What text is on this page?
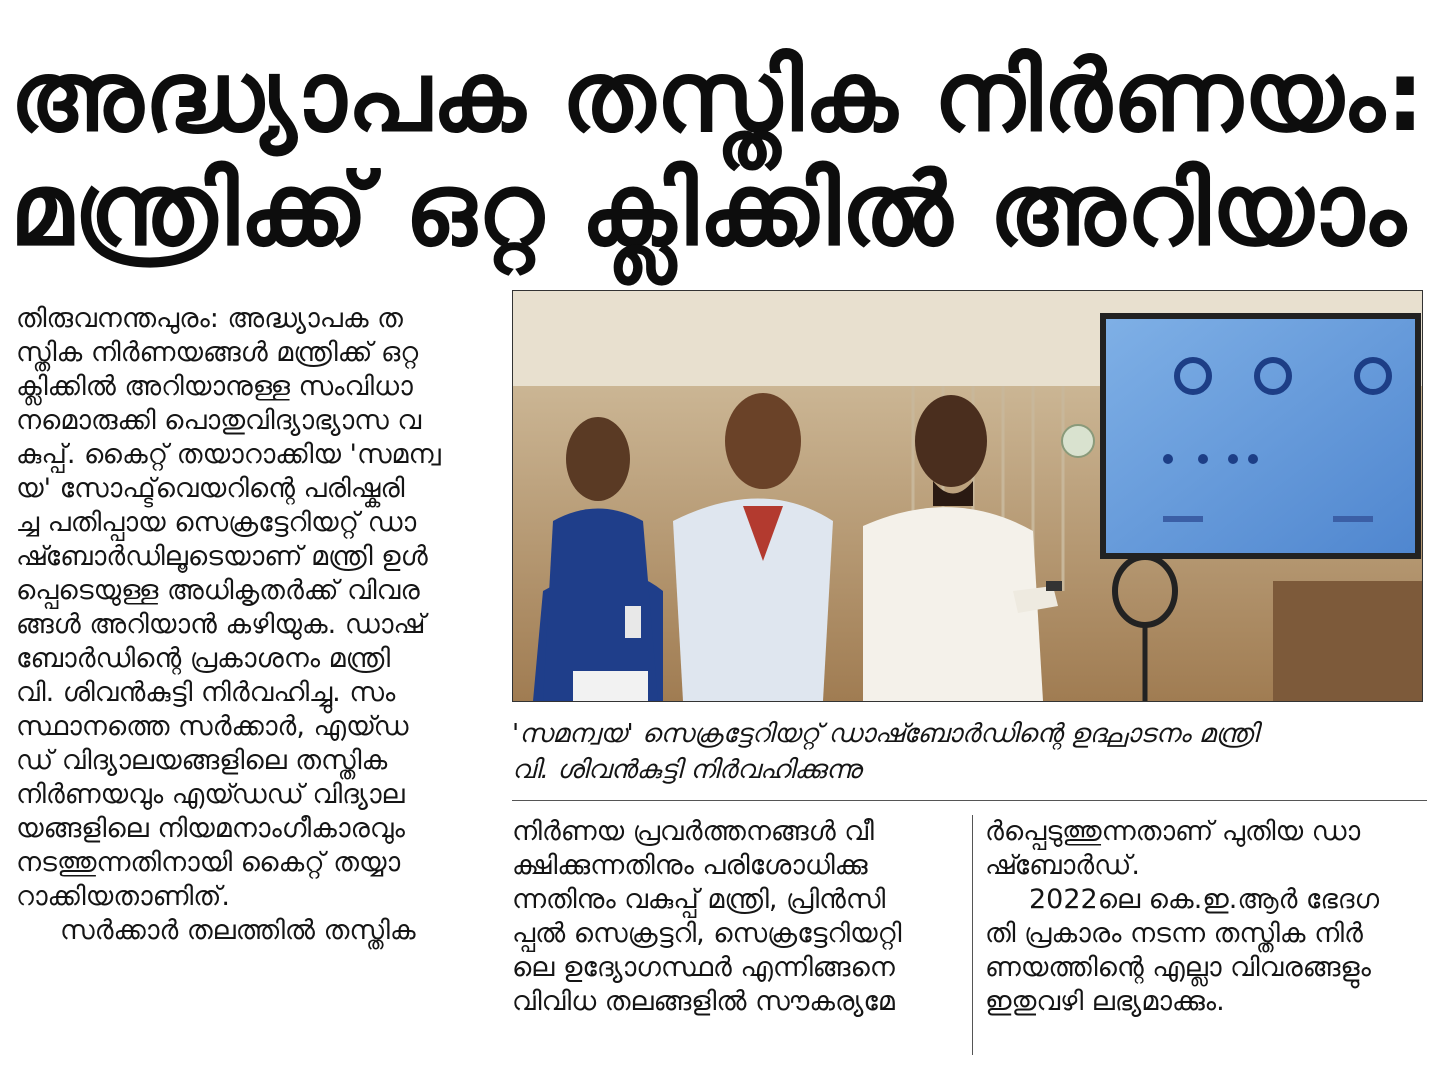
അദ്ധ്യാപക തസ്തിക നിർണയം:
മന്ത്രിക്ക് ഒറ്റ ക്ലിക്കിൽ അറിയാം

തിരുവനന്തപുരം: അദ്ധ്യാപക ത

സ്തിക നിർണയങ്ങൾ മന്ത്രിക്ക് ഒറ്റ

ക്ലിക്കിൽ അറിയാനുള്ള സംവിധാ

നമൊരുക്കി പൊതുവിദ്യാഭ്യാസ വ

കുപ്പ്. കൈറ്റ് തയാറാക്കിയ 'സമന്വ

യ' സോഫ്ട്‌വെയറിന്റെ പരിഷ്കരി

ച്ച പതിപ്പായ സെക്രട്ടേറിയറ്റ് ഡാ

ഷ്ബോർഡിലൂടെയാണ് മന്ത്രി ഉൾ

പ്പെടെയുള്ള അധികൃതർക്ക് വിവര

ങ്ങൾ അറിയാൻ കഴിയുക. ഡാഷ്

ബോർഡിന്റെ പ്രകാശനം മന്ത്രി

വി. ശിവൻകുട്ടി നിർവഹിച്ചു. സം

സ്ഥാനത്തെ സർക്കാർ, എയ്ഡ

ഡ് വിദ്യാലയങ്ങളിലെ തസ്തിക

നിർണയവും എയ്ഡഡ് വിദ്യാല

യങ്ങളിലെ നിയമനാംഗീകാരവും

നടത്തുന്നതിനായി കൈറ്റ് തയ്യാ

റാക്കിയതാണിത്.

സർക്കാർ തലത്തിൽ തസ്തിക

'സമന്വയ' സെക്രട്ടേറിയറ്റ് ഡാഷ്ബോർഡിന്റെ ഉദ്ഘാടനം മന്ത്രി

വി. ശിവൻകുട്ടി നിർവഹിക്കുന്നു

നിർണയ പ്രവർത്തനങ്ങൾ വീ

ക്ഷിക്കുന്നതിനും പരിശോധിക്കു

ന്നതിനും വകുപ്പ് മന്ത്രി, പ്രിൻസി

പ്പൽ സെക്രട്ടറി, സെക്രട്ടേറിയറ്റി

ലെ ഉദ്യോഗസ്ഥർ എന്നിങ്ങനെ

വിവിധ തലങ്ങളിൽ സൗകര്യമേ

ർപ്പെടുത്തുന്നതാണ് പുതിയ ഡാ

ഷ്ബോർഡ്.

2022ലെ കെ.ഇ.ആർ ഭേദഗ

തി പ്രകാരം നടന്ന തസ്തിക നിർ

ണയത്തിന്റെ എല്ലാ വിവരങ്ങളും

ഇതുവഴി ലഭ്യമാക്കും.
